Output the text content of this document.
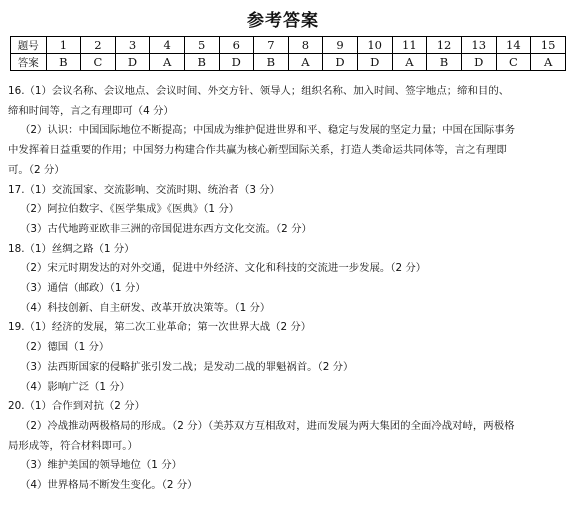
参考答案
题号	1	2	3	4	5	6	7	8	9	10	11	12	13	14	15
答案	B	C	D	A	B	D	B	A	D	D	A	B	D	C	A

16.（1）会议名称、会议地点、会议时间、外交方针、领导人；组织名称、加入时间、签字地点；缔和目的、

缔和时间等，言之有理即可（4 分）

（2）认识：中国国际地位不断提高；中国成为维护促进世界和平、稳定与发展的坚定力量；中国在国际事务

中发挥着日益重要的作用；中国努力构建合作共赢为核心新型国际关系，打造人类命运共同体等，言之有理即

可。（2 分）

17.（1）交流国家、交流影响、交流时期、统治者（3 分）

（2）阿拉伯数字、《医学集成》《医典》（1 分）

（3）古代地跨亚欧非三洲的帝国促进东西方文化交流。（2 分）

18.（1）丝绸之路（1 分）

（2）宋元时期发达的对外交通，促进中外经济、文化和科技的交流进一步发展。（2 分）

（3）通信（邮政）（1 分）

（4）科技创新、自主研发、改革开放决策等。（1 分）

19.（1）经济的发展，第二次工业革命；第一次世界大战（2 分）

（2）德国（1 分）

（3）法西斯国家的侵略扩张引发二战；是发动二战的罪魁祸首。（2 分）

（4）影响广泛（1 分）

20.（1）合作到对抗（2 分）

（2）冷战推动两极格局的形成。（2 分）（美苏双方互相敌对，进而发展为两大集团的全面冷战对峙，两极格

局形成等，符合材料即可。）

（3）维护美国的领导地位（1 分）

（4）世界格局不断发生变化。（2 分）
